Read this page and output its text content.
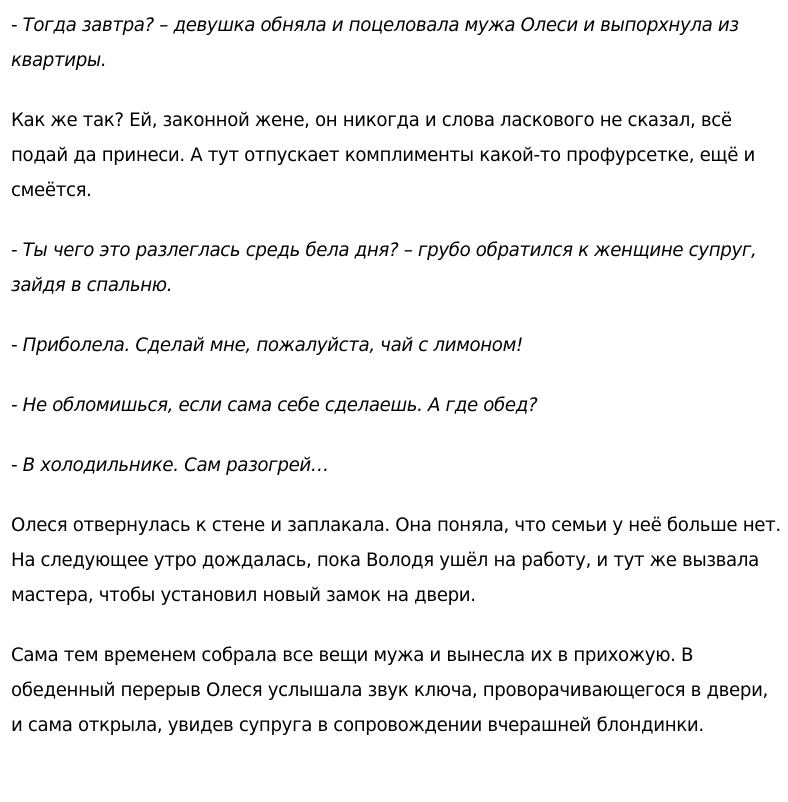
- Тогда завтра? – девушка обняла и поцеловала мужа Олеси и выпорхнула из квартиры.

Как же так? Ей, законной жене, он никогда и слова ласкового не сказал, всё подай да принеси. А тут отпускает комплименты какой-то профурсетке, ещё и смеётся.

- Ты чего это разлеглась средь бела дня? – грубо обратился к женщине супруг, зайдя в спальню.

- Приболела. Сделай мне, пожалуйста, чай с лимоном!

- Не обломишься, если сама себе сделаешь. А где обед?

- В холодильнике. Сам разогрей…

Олеся отвернулась к стене и заплакала. Она поняла, что семьи у неё больше нет. На следующее утро дождалась, пока Володя ушёл на работу, и тут же вызвала мастера, чтобы установил новый замок на двери.

Сама тем временем собрала все вещи мужа и вынесла их в прихожую. В обеденный перерыв Олеся услышала звук ключа, проворачивающегося в двери, и сама открыла, увидев супруга в сопровождении вчерашней блондинки.
